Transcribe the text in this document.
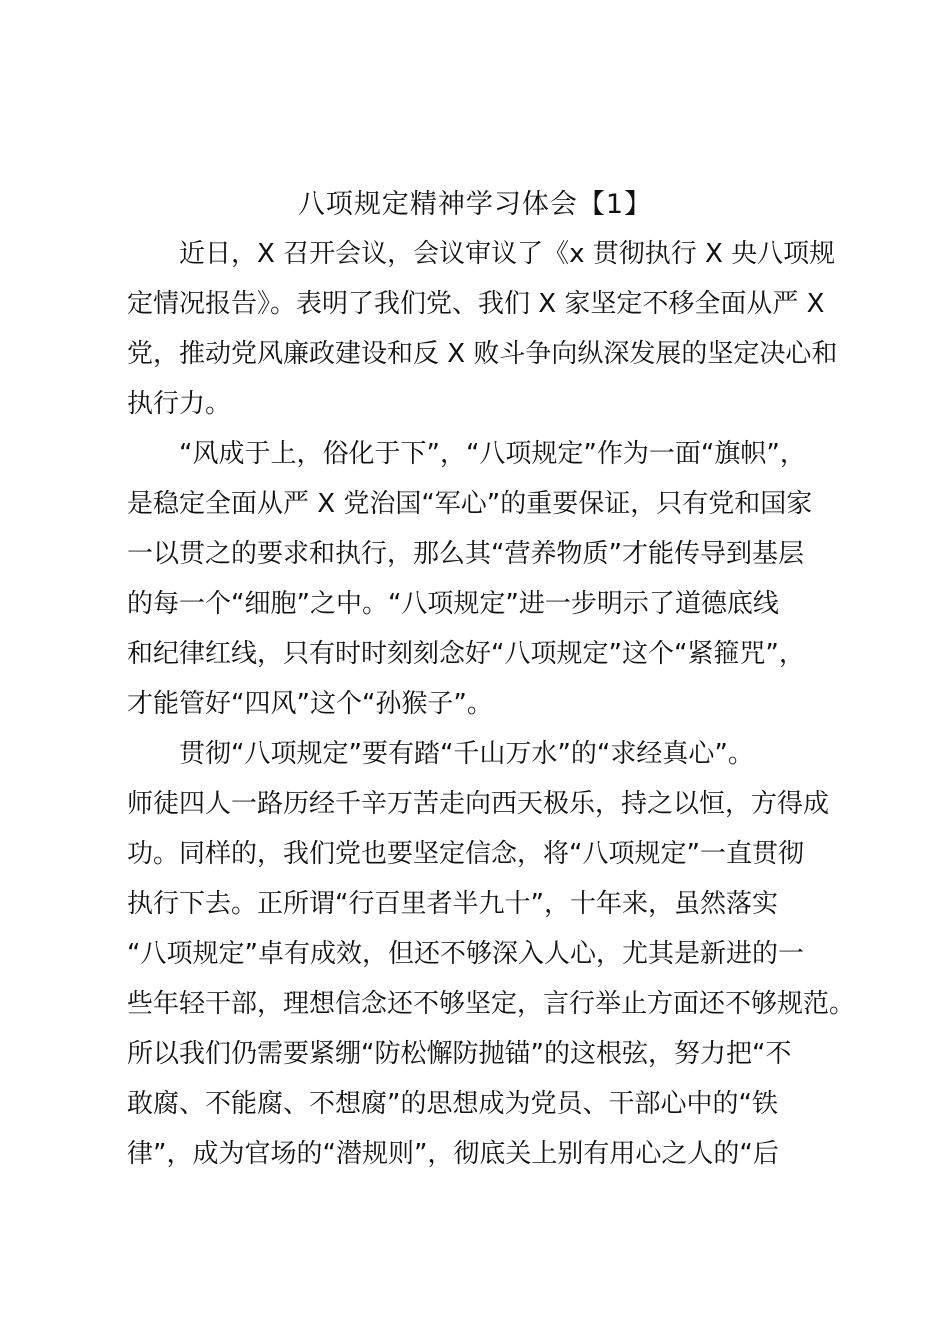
八项规定精神学习体会【1】
近日，X 召开会议，会议审议了《x 贯彻执行 X 央八项规
定情况报告》。表明了我们党、我们 X 家坚定不移全面从严 X
党，推动党风廉政建设和反 X 败斗争向纵深发展的坚定决心和
执行力。
“风成于上，俗化于下”，“八项规定”作为一面“旗帜”，
是稳定全面从严 X 党治国“军心”的重要保证，只有党和国家
一以贯之的要求和执行，那么其“营养物质”才能传导到基层
的每一个“细胞”之中。“八项规定”进一步明示了道德底线
和纪律红线，只有时时刻刻念好“八项规定”这个“紧箍咒”，
才能管好“四风”这个“孙猴子”。
贯彻“八项规定”要有踏“千山万水”的“求经真心”。
师徒四人一路历经千辛万苦走向西天极乐，持之以恒，方得成
功。同样的，我们党也要坚定信念，将“八项规定”一直贯彻
执行下去。正所谓“行百里者半九十”，十年来，虽然落实
“八项规定”卓有成效，但还不够深入人心，尤其是新进的一
些年轻干部，理想信念还不够坚定，言行举止方面还不够规范。
所以我们仍需要紧绷“防松懈防抛锚”的这根弦，努力把“不
敢腐、不能腐、不想腐”的思想成为党员、干部心中的“铁
律”，成为官场的“潜规则”，彻底关上别有用心之人的“后
